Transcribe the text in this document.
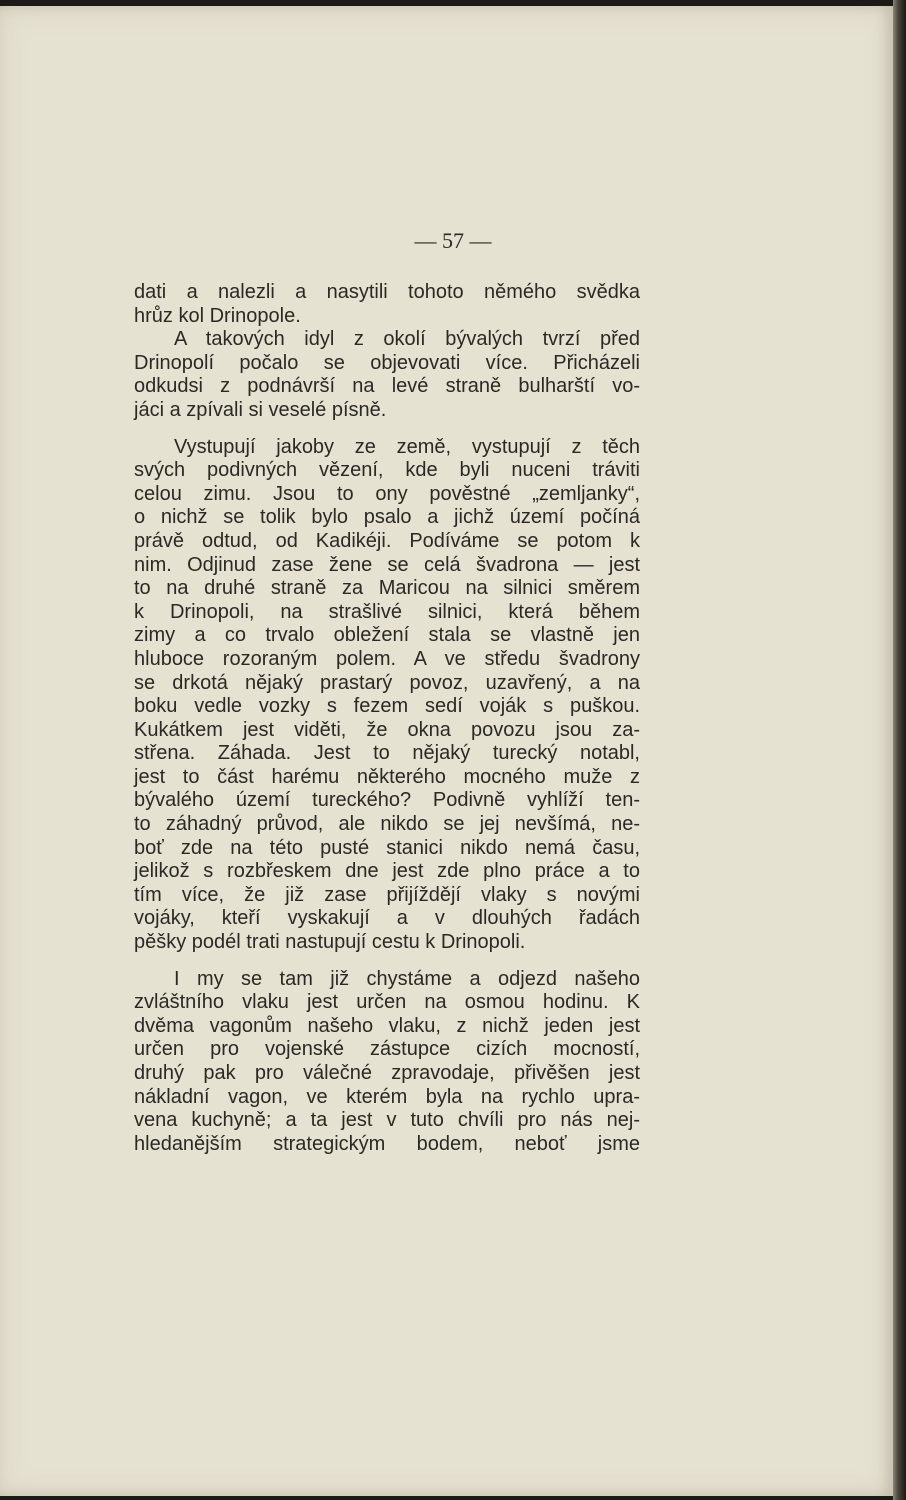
— 57 —
dati a nalezli a nasytili tohoto němého svědka
hrůz kol Drinopole.
A takových idyl z okolí bývalých tvrzí před
Drinopolí počalo se objevovati více. Přicházeli
odkudsi z podnávrší na levé straně bulharští vo-
jáci a zpívali si veselé písně.
Vystupují jakoby ze země, vystupují z těch
svých podivných vězení, kde byli nuceni tráviti
celou zimu. Jsou to ony pověstné „zemljanky“,
o nichž se tolik bylo psalo a jichž území počíná
právě odtud, od Kadikéji. Podíváme se potom k
nim. Odjinud zase žene se celá švadrona — jest
to na druhé straně za Maricou na silnici směrem
k Drinopoli, na strašlivé silnici, která během
zimy a co trvalo obležení stala se vlastně jen
hluboce rozoraným polem. A ve středu švadrony
se drkotá nějaký prastarý povoz, uzavřený, a na
boku vedle vozky s fezem sedí voják s puškou.
Kukátkem jest viděti, že okna povozu jsou za-
střena. Záhada. Jest to nějaký turecký notabl,
jest to část harému některého mocného muže z
bývalého území tureckého? Podivně vyhlíží ten-
to záhadný průvod, ale nikdo se jej nevšímá, ne-
boť zde na této pusté stanici nikdo nemá času,
jelikož s rozbřeskem dne jest zde plno práce a to
tím více, že již zase přijíždějí vlaky s novými
vojáky, kteří vyskakují a v dlouhých řadách
pěšky podél trati nastupují cestu k Drinopoli.
I my se tam již chystáme a odjezd našeho
zvláštního vlaku jest určen na osmou hodinu. K
dvěma vagonům našeho vlaku, z nichž jeden jest
určen pro vojenské zástupce cizích mocností,
druhý pak pro válečné zpravodaje, přivěšen jest
nákladní vagon, ve kterém byla na rychlo upra-
vena kuchyně; a ta jest v tuto chvíli pro nás nej-
hledanějším strategickým bodem, neboť jsme
